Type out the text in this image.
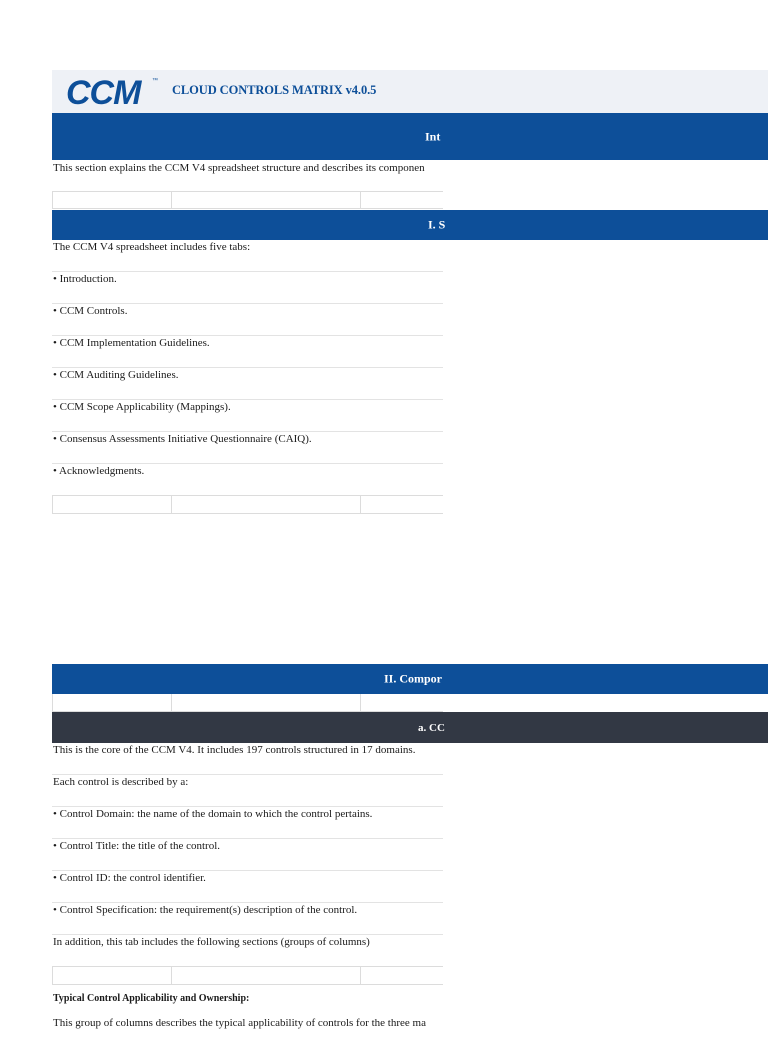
CCM ™
CLOUD CONTROLS MATRIX v4.0.5
Int
This section explains the CCM V4 spreadsheet structure and describes its componen
I. S
The CCM V4 spreadsheet includes five tabs:
• Introduction.
• CCM Controls.
• CCM Implementation Guidelines.
• CCM Auditing Guidelines.
• CCM Scope Applicability (Mappings).
• Consensus Assessments Initiative Questionnaire (CAIQ).
• Acknowledgments.
II. Compor
a. CC
This is the core of the CCM V4. It includes 197 controls structured in 17 domains.
Each control is described by a:
• Control Domain: the name of the domain to which the control pertains.
• Control Title: the title of the control.
• Control ID: the control identifier.
• Control Specification: the requirement(s) description of the control.
In addition, this tab includes the following sections (groups of columns)
Typical Control Applicability and Ownership:
This group of columns describes the typical applicability of controls for the three ma
